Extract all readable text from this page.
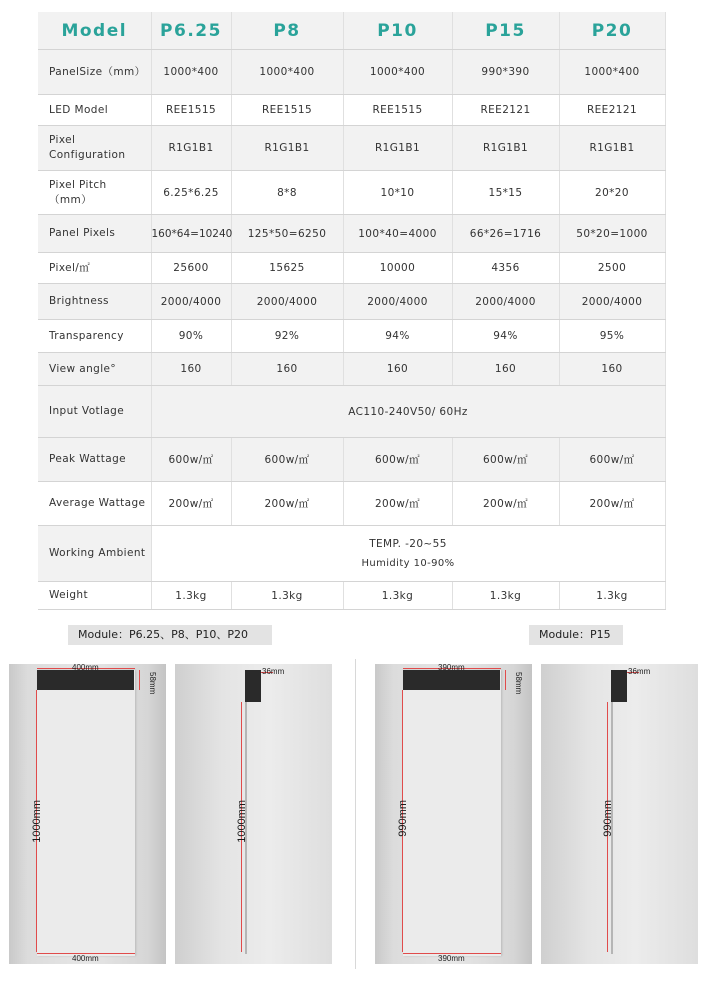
Model	P6.25	P8	P10	P15	P20
PanelSize（mm）	1000*400	1000*400	1000*400	990*390	1000*400
LED Model	REE1515	REE1515	REE1515	REE2121	REE2121
Pixel Configuration	R1G1B1	R1G1B1	R1G1B1	R1G1B1	R1G1B1
Pixel Pitch （mm）	6.25*6.25	8*8	10*10	15*15	20*20
Panel Pixels	160*64=10240	125*50=6250	100*40=4000	66*26=1716	50*20=1000
Pixel/㎡	25600	15625	10000	4356	2500
Brightness	2000/4000	2000/4000	2000/4000	2000/4000	2000/4000
Transparency	90%	92%	94%	94%	95%
View angle°	160	160	160	160	160
Input Votlage	AC110-240V50/ 60Hz				
Peak Wattage	600w/㎡	600w/㎡	600w/㎡	600w/㎡	600w/㎡
Average Wattage	200w/㎡	200w/㎡	200w/㎡	200w/㎡	200w/㎡
Working Ambient	TEMP. -20~55
Humidity 10-90%				

Weight	1.3kg	1.3kg	1.3kg	1.3kg	1.3kg
Module：P6.25、P8、P10、P20	Module：P15
400mm
58mm
1000mm
400mm
36mm
1000mm
390mm
58mm
990mm
390mm
36mm
990mm
